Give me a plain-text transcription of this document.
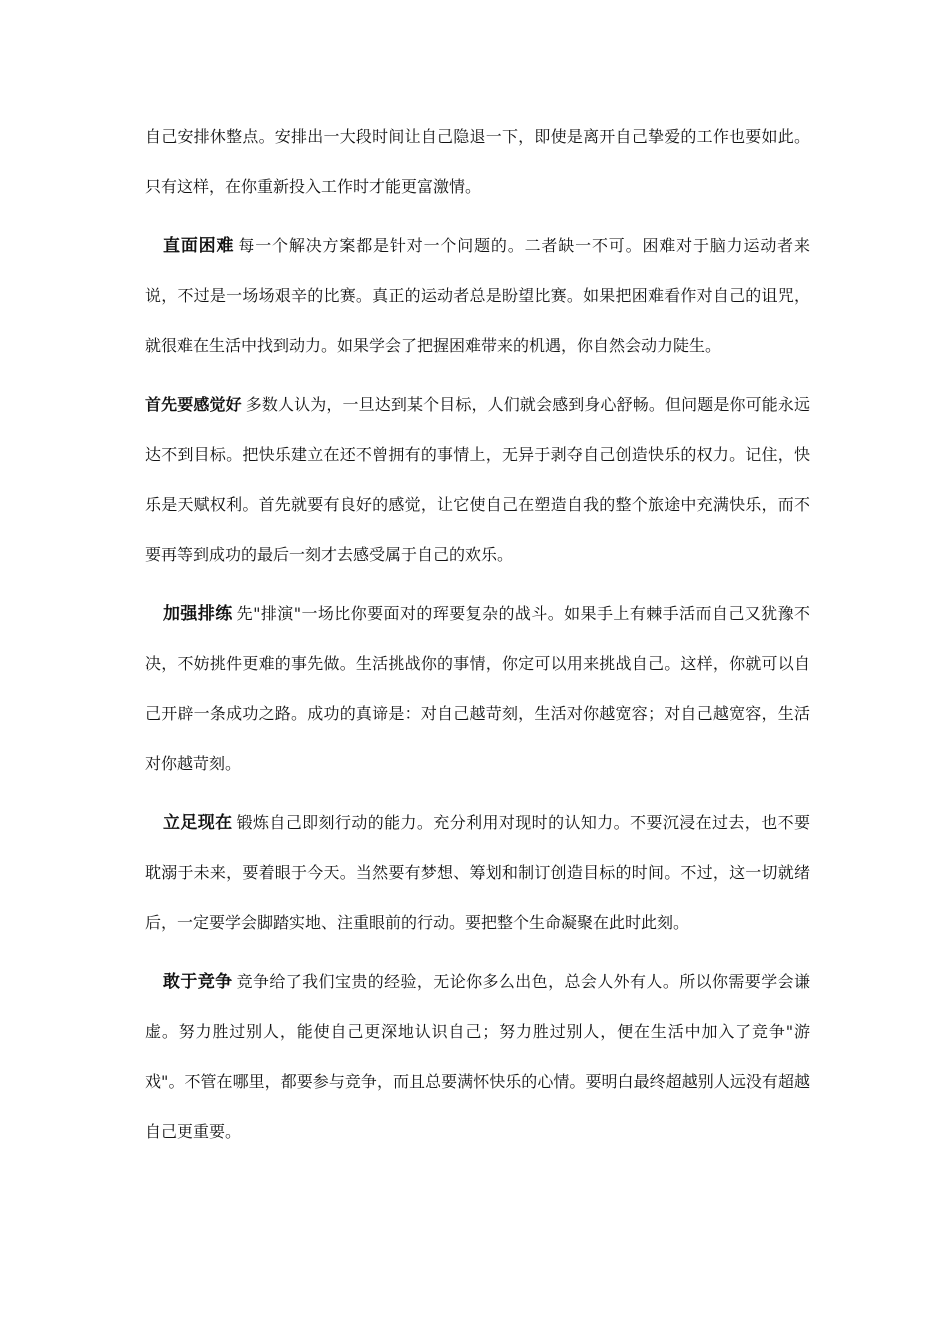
自己安排休整点。安排出一大段时间让自己隐退一下，即使是离开自己挚爱的工作也要如此。只有这样，在你重新投入工作时才能更富激情。

直面困难 每一个解决方案都是针对一个问题的。二者缺一不可。困难对于脑力运动者来说，不过是一场场艰辛的比赛。真正的运动者总是盼望比赛。如果把困难看作对自己的诅咒，就很难在生活中找到动力。如果学会了把握困难带来的机遇，你自然会动力陡生。

首先要感觉好 多数人认为，一旦达到某个目标，人们就会感到身心舒畅。但问题是你可能永远达不到目标。把快乐建立在还不曾拥有的事情上，无异于剥夺自己创造快乐的权力。记住，快乐是天赋权利。首先就要有良好的感觉，让它使自己在塑造自我的整个旅途中充满快乐，而不要再等到成功的最后一刻才去感受属于自己的欢乐。

加强排练 先"排演"一场比你要面对的珲要复杂的战斗。如果手上有棘手活而自己又犹豫不决，不妨挑件更难的事先做。生活挑战你的事情，你定可以用来挑战自己。这样，你就可以自己开辟一条成功之路。成功的真谛是：对自己越苛刻，生活对你越宽容；对自己越宽容，生活对你越苛刻。

立足现在 锻炼自己即刻行动的能力。充分利用对现时的认知力。不要沉浸在过去，也不要耽溺于未来，要着眼于今天。当然要有梦想、筹划和制订创造目标的时间。不过，这一切就绪后，一定要学会脚踏实地、注重眼前的行动。要把整个生命凝聚在此时此刻。

敢于竞争 竞争给了我们宝贵的经验，无论你多么出色，总会人外有人。所以你需要学会谦虚。努力胜过别人，能使自己更深地认识自己；努力胜过别人，便在生活中加入了竞争"游戏"。不管在哪里，都要参与竞争，而且总要满怀快乐的心情。要明白最终超越别人远没有超越自己更重要。
